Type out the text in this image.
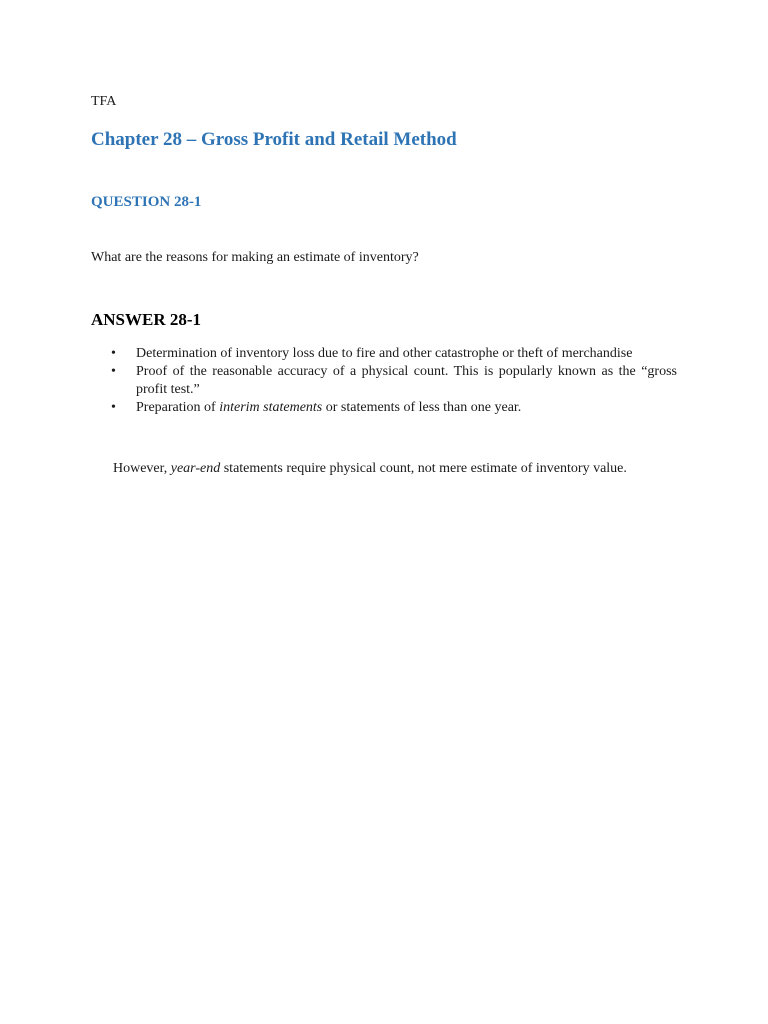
TFA
Chapter 28 – Gross Profit and Retail Method
QUESTION 28-1

What are the reasons for making an estimate of inventory?

ANSWER 28-1
• Determination of inventory loss due to fire and other catastrophe or theft of merchandise
• Proof of the reasonable accuracy of a physical count. This is popularly known as the “gross profit test.”
• Preparation of interim statements or statements of less than one year.

However, year-end statements require physical count, not mere estimate of inventory value.
